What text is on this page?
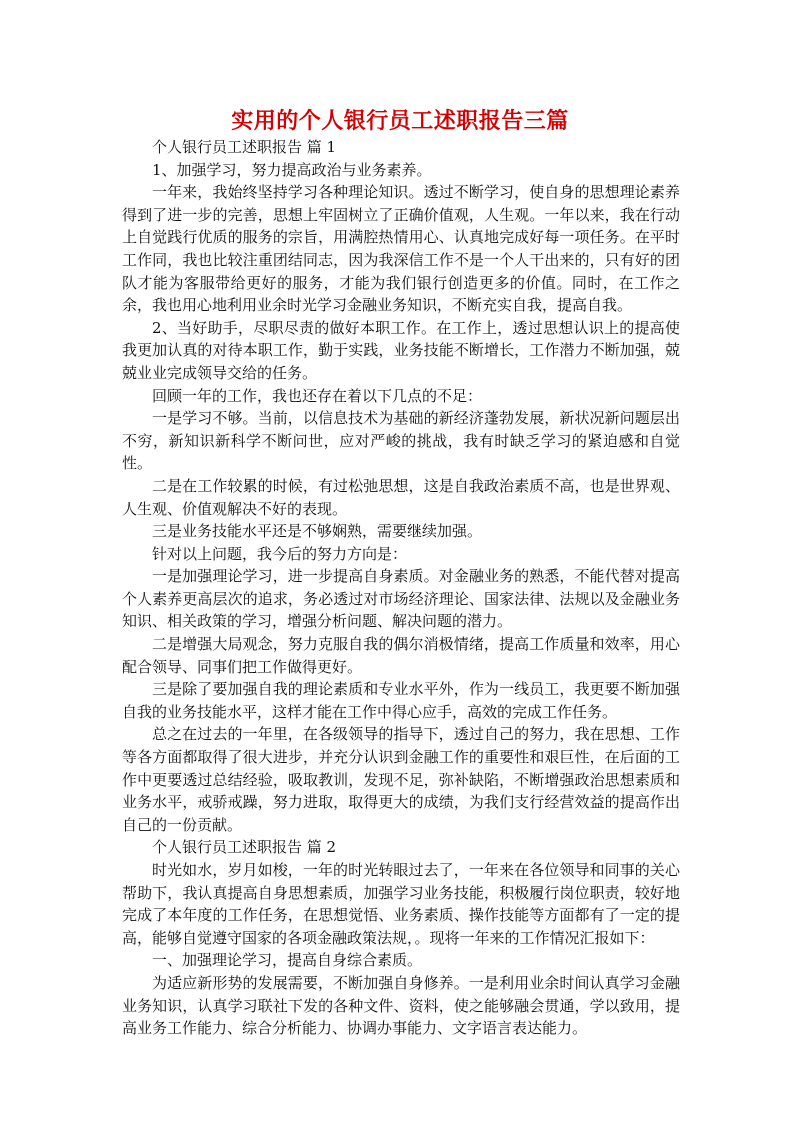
实用的个人银行员工述职报告三篇

个人银行员工述职报告 篇 1

1、加强学习，努力提高政治与业务素养。

一年来，我始终坚持学习各种理论知识。透过不断学习，使自身的思想理论素养得到了进一步的完善，思想上牢固树立了正确价值观，人生观。一年以来，我在行动上自觉践行优质的服务的宗旨，用满腔热情用心、认真地完成好每一项任务。在平时工作同，我也比较注重团结同志，因为我深信工作不是一个人干出来的，只有好的团队才能为客服带给更好的服务，才能为我们银行创造更多的价值。同时，在工作之余，我也用心地利用业余时光学习金融业务知识，不断充实自我，提高自我。

2、当好助手，尽职尽责的做好本职工作。在工作上，透过思想认识上的提高使我更加认真的对待本职工作，勤于实践，业务技能不断增长，工作潜力不断加强，兢兢业业完成领导交给的任务。

回顾一年的工作，我也还存在着以下几点的不足：

一是学习不够。当前，以信息技术为基础的新经济蓬勃发展，新状况新问题层出不穷，新知识新科学不断问世，应对严峻的挑战，我有时缺乏学习的紧迫感和自觉性。

二是在工作较累的时候，有过松弛思想，这是自我政治素质不高，也是世界观、人生观、价值观解决不好的表现。

三是业务技能水平还是不够娴熟，需要继续加强。

针对以上问题，我今后的努力方向是：

一是加强理论学习，进一步提高自身素质。对金融业务的熟悉，不能代替对提高个人素养更高层次的追求，务必透过对市场经济理论、国家法律、法规以及金融业务知识、相关政策的学习，增强分析问题、解决问题的潜力。

二是增强大局观念，努力克服自我的偶尔消极情绪，提高工作质量和效率，用心配合领导、同事们把工作做得更好。

三是除了要加强自我的理论素质和专业水平外，作为一线员工，我更要不断加强自我的业务技能水平，这样才能在工作中得心应手，高效的完成工作任务。

总之在过去的一年里，在各级领导的指导下，透过自己的努力，我在思想、工作等各方面都取得了很大进步，并充分认识到金融工作的重要性和艰巨性，在后面的工作中更要透过总结经验，吸取教训，发现不足，弥补缺陷，不断增强政治思想素质和业务水平，戒骄戒躁，努力进取，取得更大的成绩，为我们支行经营效益的提高作出自己的一份贡献。

个人银行员工述职报告 篇 2

时光如水，岁月如梭，一年的时光转眼过去了，一年来在各位领导和同事的关心帮助下，我认真提高自身思想素质，加强学习业务技能，积极履行岗位职责，较好地完成了本年度的工作任务，在思想觉悟、业务素质、操作技能等方面都有了一定的提高，能够自觉遵守国家的各项金融政策法规，。现将一年来的工作情况汇报如下：

一、加强理论学习，提高自身综合素质。

为适应新形势的发展需要，不断加强自身修养。一是利用业余时间认真学习金融业务知识，认真学习联社下发的各种文件、资料，使之能够融会贯通，学以致用，提高业务工作能力、综合分析能力、协调办事能力、文字语言表达能力。
